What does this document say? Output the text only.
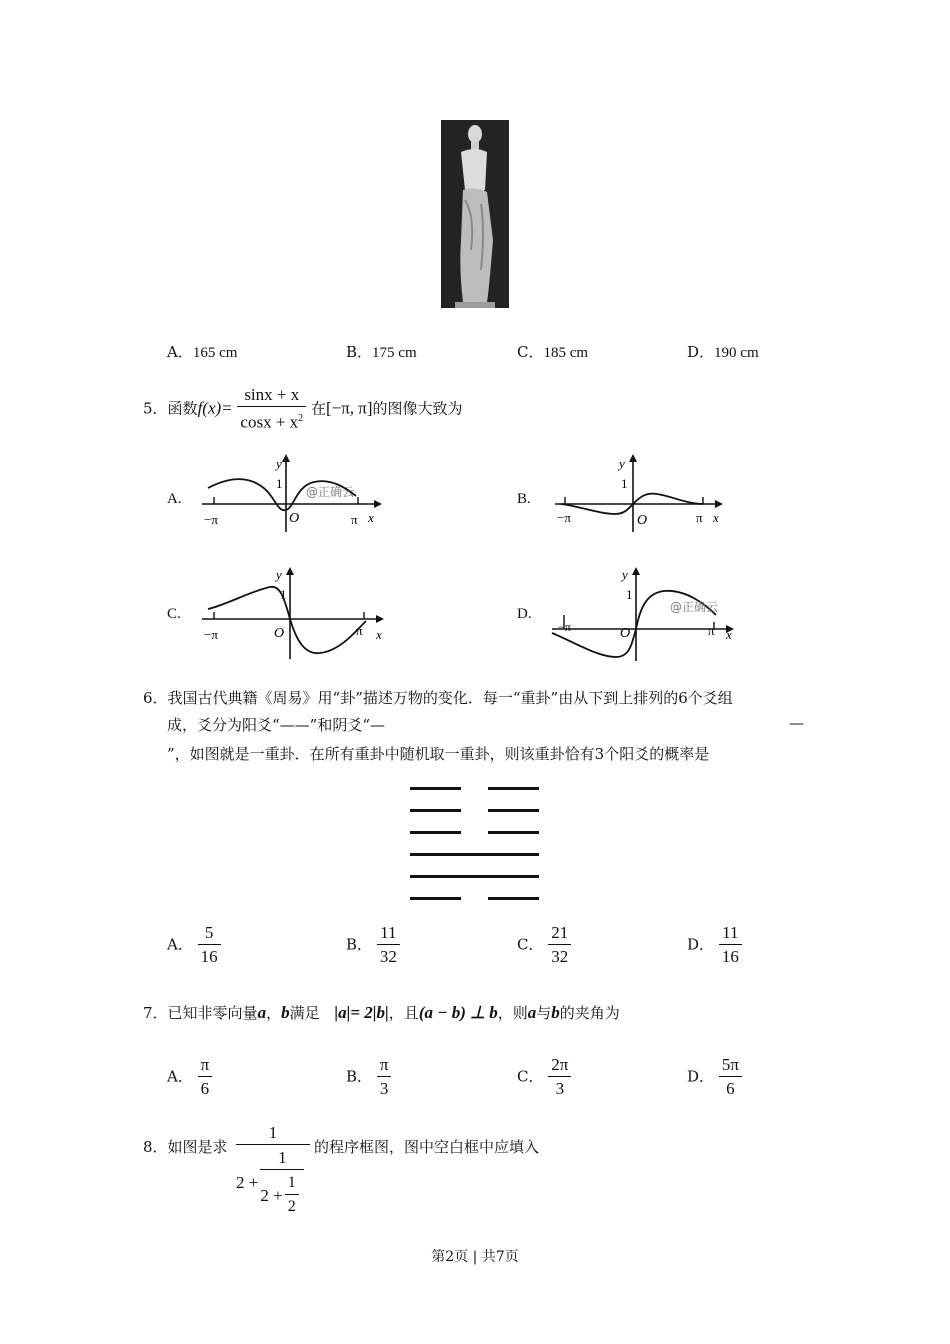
A．165 cm	B．175 cm	C．185 cm	D．190 cm
5．函数$f(x)= \frac{\sin x + x}{\cos x + x^2}$ 在[−π, π]的图像大致为
A.	B.
C.	D.
y
1
O
−π	π x
@正确云
y
1
O
−π	π x
y
1
O
−π	π x
y
1
O
−π	π x
@正确云
6．我国古代典籍《周易》用“卦”描述万物的变化．每一“重卦”由从下到上排列的6个爻组
成，爻分为阳爻“——”和阴爻“—	—
”，如图就是一重卦．在所有重卦中随机取一重卦，则该重卦恰有3个阳爻的概率是
A． $\frac{5}{16}$	B． $\frac{11}{32}$	C． $\frac{21}{32}$	D． $\frac{11}{16}$
7．已知非零向量a，b满足 |a|= 2|b|，且(a − b) ⊥ b，则a与b的夹角为
A． $\frac{\pi}{6}$	B． $\frac{\pi}{3}$	C． $\frac{2\pi}{3}$	D． $\frac{5\pi}{6}$
8．如图是求
1
2 +
1
$2 + \frac{1}{2}$
的程序框图，图中空白框中应填入
第2页 | 共7页
